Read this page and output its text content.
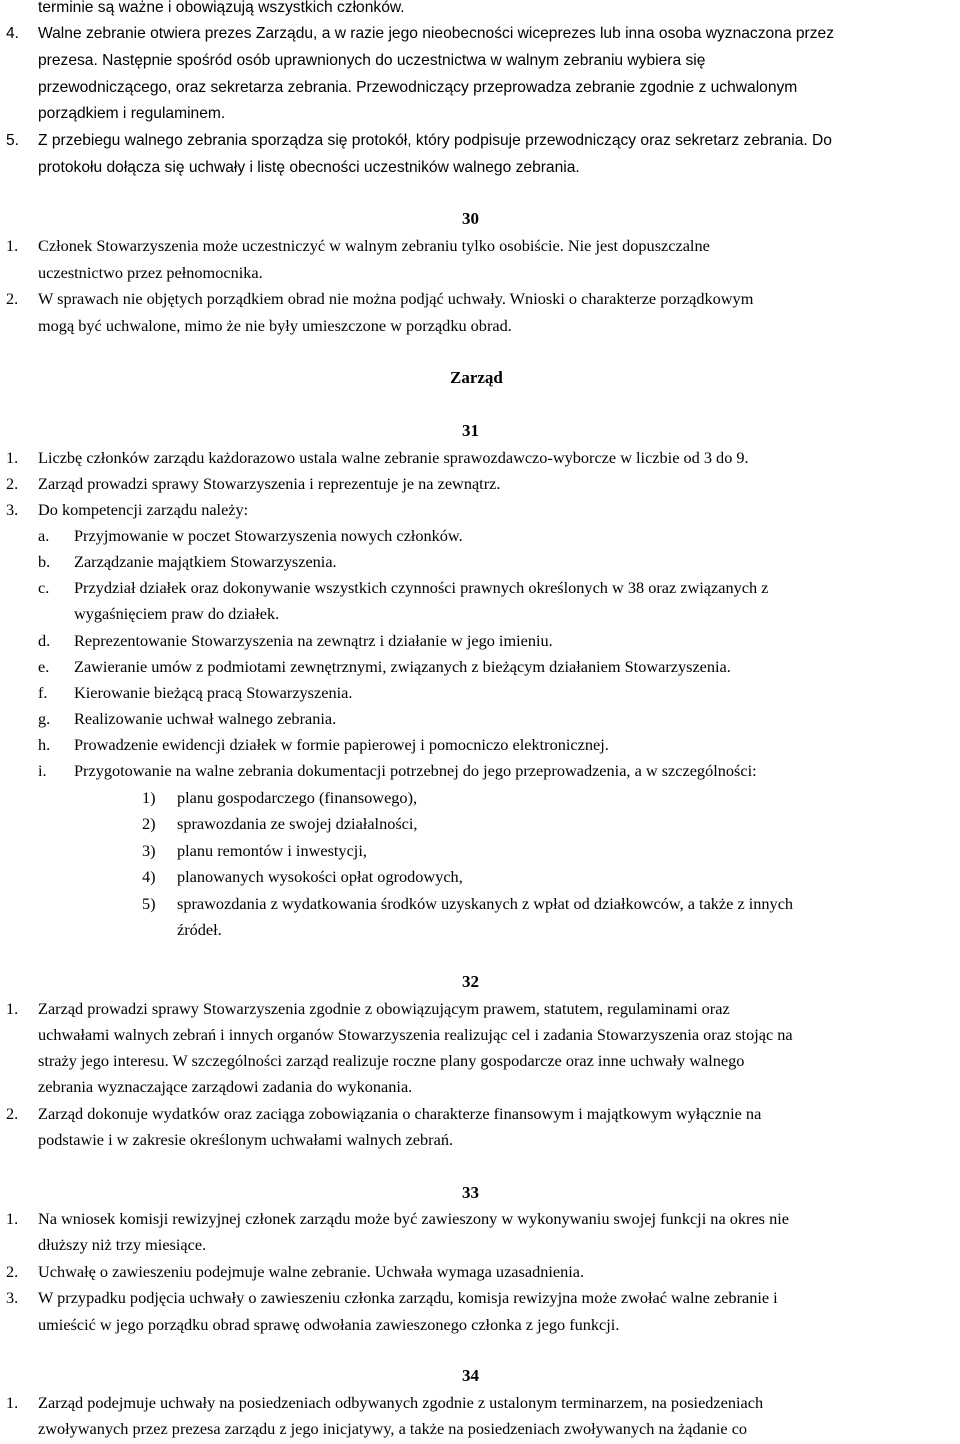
terminie są ważne i obowiązują wszystkich członków.
4. Walne zebranie otwiera prezes Zarządu, a w razie jego nieobecności wiceprezes lub inna osoba wyznaczona przez
prezesa. Następnie spośród osób uprawnionych do uczestnictwa w walnym zebraniu wybiera się
przewodniczącego, oraz sekretarza zebrania. Przewodniczący przeprowadza zebranie zgodnie z uchwalonym
porządkiem i regulaminem.
5. Z przebiegu walnego zebrania sporządza się protokół, który podpisuje przewodniczący oraz sekretarz zebrania. Do
protokołu dołącza się uchwały i listę obecności uczestników walnego zebrania.
30
1. Członek Stowarzyszenia może uczestniczyć w walnym zebraniu tylko osobiście. Nie jest dopuszczalne
uczestnictwo przez pełnomocnika.
2. W sprawach nie objętych porządkiem obrad nie można podjąć uchwały. Wnioski o charakterze porządkowym
mogą być uchwalone, mimo że nie były umieszczone w porządku obrad.
Zarząd
31
1. Liczbę członków zarządu każdorazowo ustala walne zebranie sprawozdawczo-wyborcze w liczbie od 3 do 9.
2. Zarząd prowadzi sprawy Stowarzyszenia i reprezentuje je na zewnątrz.
3. Do kompetencji zarządu należy:
a. Przyjmowanie w poczet Stowarzyszenia nowych członków.
b. Zarządzanie majątkiem Stowarzyszenia.
c. Przydział działek oraz dokonywanie wszystkich czynności prawnych określonych w 38 oraz związanych z
wygaśnięciem praw do działek.
d. Reprezentowanie Stowarzyszenia na zewnątrz i działanie w jego imieniu.
e. Zawieranie umów z podmiotami zewnętrznymi, związanych z bieżącym działaniem Stowarzyszenia.
f. Kierowanie bieżącą pracą Stowarzyszenia.
g. Realizowanie uchwał walnego zebrania.
h. Prowadzenie ewidencji działek w formie papierowej i pomocniczo elektronicznej.
i. Przygotowanie na walne zebrania dokumentacji potrzebnej do jego przeprowadzenia, a w szczególności:
1) planu gospodarczego (finansowego),
2) sprawozdania ze swojej działalności,
3) planu remontów i inwestycji,
4) planowanych wysokości opłat ogrodowych,
5) sprawozdania z wydatkowania środków uzyskanych z wpłat od działkowców, a także z innych
źródeł.
32
1. Zarząd prowadzi sprawy Stowarzyszenia zgodnie z obowiązującym prawem, statutem, regulaminami oraz
uchwałami walnych zebrań i innych organów Stowarzyszenia realizując cel i zadania Stowarzyszenia oraz stojąc na
straży jego interesu. W szczególności zarząd realizuje roczne plany gospodarcze oraz inne uchwały walnego
zebrania wyznaczające zarządowi zadania do wykonania.
2. Zarząd dokonuje wydatków oraz zaciąga zobowiązania o charakterze finansowym i majątkowym wyłącznie na
podstawie i w zakresie określonym uchwałami walnych zebrań.
33
1. Na wniosek komisji rewizyjnej członek zarządu może być zawieszony w wykonywaniu swojej funkcji na okres nie
dłuższy niż trzy miesiące.
2. Uchwałę o zawieszeniu podejmuje walne zebranie. Uchwała wymaga uzasadnienia.
3. W przypadku podjęcia uchwały o zawieszeniu członka zarządu, komisja rewizyjna może zwołać walne zebranie i
umieścić w jego porządku obrad sprawę odwołania zawieszonego członka z jego funkcji.
34
1. Zarząd podejmuje uchwały na posiedzeniach odbywanych zgodnie z ustalonym terminarzem, na posiedzeniach
zwoływanych przez prezesa zarządu z jego inicjatywy, a także na posiedzeniach zwoływanych na żądanie co
